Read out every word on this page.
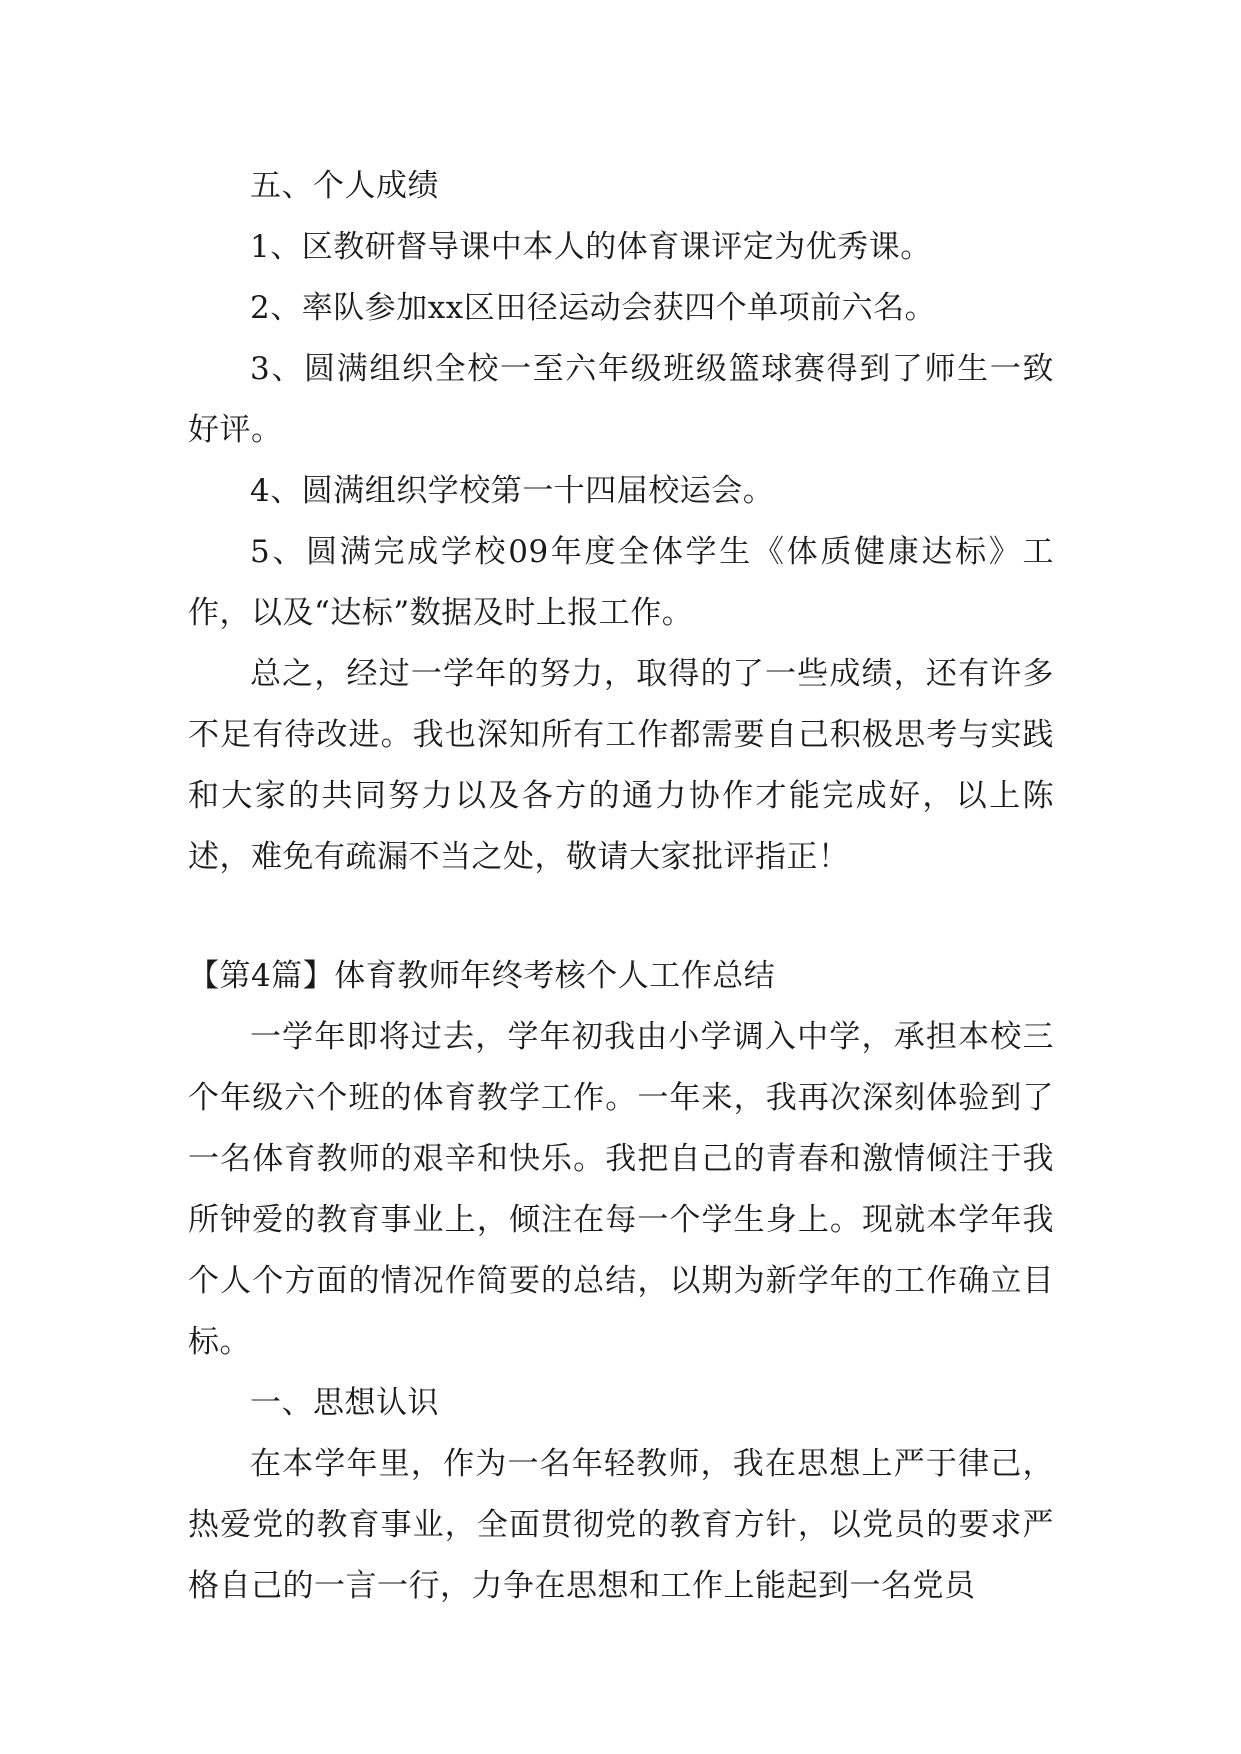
五、个人成绩

1、区教研督导课中本人的体育课评定为优秀课。

2、率队参加xx区田径运动会获四个单项前六名。

3、圆满组织全校一至六年级班级篮球赛得到了师生一致好评。

4、圆满组织学校第一十四届校运会。

5、圆满完成学校09年度全体学生《体质健康达标》工作，以及“达标”数据及时上报工作。

总之，经过一学年的努力，取得的了一些成绩，还有许多不足有待改进。我也深知所有工作都需要自己积极思考与实践和大家的共同努力以及各方的通力协作才能完成好，以上陈述，难免有疏漏不当之处，敬请大家批评指正！

【第4篇】体育教师年终考核个人工作总结

一学年即将过去，学年初我由小学调入中学，承担本校三个年级六个班的体育教学工作。一年来，我再次深刻体验到了一名体育教师的艰辛和快乐。我把自己的青春和激情倾注于我所钟爱的教育事业上，倾注在每一个学生身上。现就本学年我个人个方面的情况作简要的总结，以期为新学年的工作确立目标。

一、思想认识

在本学年里，作为一名年轻教师，我在思想上严于律己，热爱党的教育事业，全面贯彻党的教育方针，以党员的要求严格自己的一言一行，力争在思想和工作上能起到一名党员
